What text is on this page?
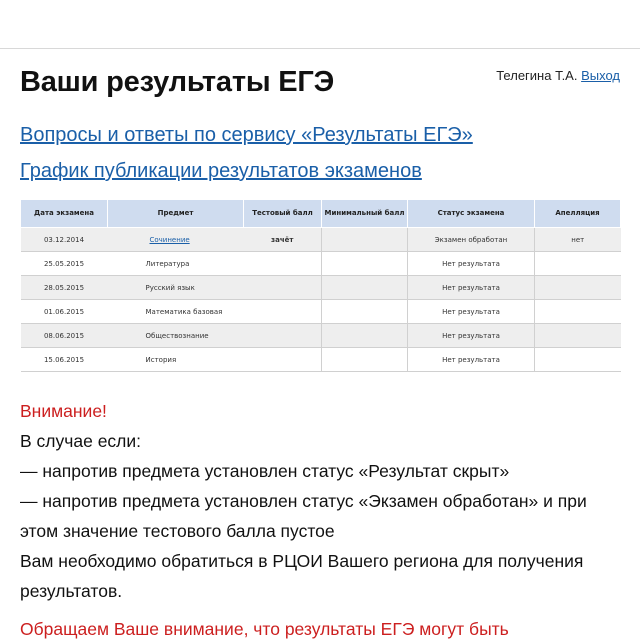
Ваши результаты ЕГЭ	Телегина Т.А. Выход
Вопросы и ответы по сервису «Результаты ЕГЭ»
График публикации результатов экзаменов
Дата экзамена	Предмет	Тестовый балл	Минимальный балл	Статус экзамена	Апелляция
03.12.2014	Сочинение	зачёт		Экзамен обработан	нет
25.05.2015	Литература			Нет результата	
28.05.2015	Русский язык			Нет результата	
01.06.2015	Математика базовая			Нет результата	
08.06.2015	Обществознание			Нет результата	
15.06.2015	История			Нет результата	

Внимание!

В случае если:

— напротив предмета установлен статус «Результат скрыт»

— напротив предмета установлен статус «Экзамен обработан» и при этом значение тестового балла пустое

Вам необходимо обратиться в РЦОИ Вашего региона для получения результатов.

Обращаем Ваше внимание, что результаты ЕГЭ могут быть
